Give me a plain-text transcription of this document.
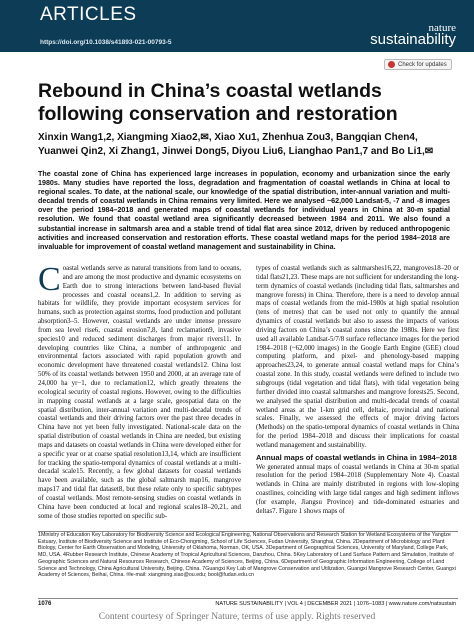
ARTICLES
https://doi.org/10.1038/s41893-021-00793-5
nature
sustainability
Check for updates
Rebound in China’s coastal wetlands following conservation and restoration
Xinxin Wang1,2, Xiangming Xiao2,✉, Xiao Xu1, Zhenhua Zou3, Bangqian Chen4, Yuanwei Qin2, Xi Zhang1, Jinwei Dong5, Diyou Liu6, Lianghao Pan1,7 and Bo Li1,✉
The coastal zone of China has experienced large increases in population, economy and urbanization since the early 1980s. Many studies have reported the loss, degradation and fragmentation of coastal wetlands in China at local to regional scales. To date, at the national scale, our knowledge of the spatial distribution, inter-annual variation and multi-decadal trends of coastal wetlands in China remains very limited. Here we analysed ~62,000 Landsat-5, -7 and -8 images over the period 1984–2018 and generated maps of coastal wetlands for individual years in China at 30-m spatial resolution. We found that coastal wetland area significantly decreased between 1984 and 2011. We also found a substantial increase in saltmarsh area and a stable trend of tidal flat area since 2012, driven by reduced anthropogenic activities and increased conservation and restoration efforts. These coastal wetland maps for the period 1984–2018 are invaluable for improvement of coastal wetland management and sustainability in China.
C oastal wetlands serve as natural transitions from land to oceans, and are among the most productive and dynamic ecosystems on Earth due to strong interactions between land-based fluvial processes and coastal oceans1,2. In addition to serving as habitats for wildlife, they provide important ecosystem services for humans, such as protection against storms, food production and pollutant absorption3–5. However, coastal wetlands are under intense pressure from sea level rise6, coastal erosion7,8, land reclamation9, invasive species10 and reduced sediment discharges from major rivers11. In developing countries like China, a number of anthropogenic and environmental factors associated with rapid population growth and economic development have threatened coastal wetlands12. China lost 50% of its coastal wetlands between 1950 and 2000, at an average rate of 24,000 ha yr−1, due to reclamation12, which greatly threatens the ecological security of coastal regions. However, owing to the difficulties in mapping coastal wetlands at a large scale, geospatial data on the spatial distribution, inter-annual variation and multi-decadal trends of coastal wetlands and their driving factors over the past three decades in China have not yet been fully investigated. National-scale data on the spatial distribution of coastal wetlands in China are needed, but existing maps and datasets on coastal wetlands in China were developed either for a specific year or at coarse spatial resolution13,14, which are insufficient for tracking the spatio-temporal dynamics of coastal wetlands at a multi-decadal scale15. Recently, a few global datasets for coastal wetlands have been available, such as the global saltmarsh map16, mangrove maps17 and tidal flat dataset8, but these relate only to specific subtypes of coastal wetlands. Most remote-sensing studies on coastal wetlands in China have been conducted at local and regional scales18–20,21, and some of those studies reported on specific sub-
types of coastal wetlands such as saltmarshes16,22, mangroves18–20 or tidal flats21,23. These maps are not sufficient for understanding the long-term dynamics of coastal wetlands (including tidal flats, saltmarshes and mangrove forests) in China. Therefore, there is a need to develop annual maps of coastal wetlands from the mid-1980s at high spatial resolution (tens of metres) that can be used not only to quantify the annual dynamics of coastal wetlands but also to assess the impacts of various driving factors on China’s coastal zones since the 1980s. Here we first used all available Landsat-5/7/8 surface reflectance images for the period 1984–2018 (~62,000 images) in the Google Earth Engine (GEE) cloud computing platform, and pixel- and phenology-based mapping approaches23,24, to generate annual coastal wetland maps for China’s coastal zone. In this study, coastal wetlands were defined to include two subgroups (tidal vegetation and tidal flats), with tidal vegetation being further divided into coastal saltmarshes and mangrove forests25. Second, we analysed the spatial distribution and multi-decadal trends of coastal wetland areas at the 1-km grid cell, deltaic, provincial and national scales. Finally, we assessed the effects of major driving factors (Methods) on the spatio-temporal dynamics of coastal wetlands in China for the period 1984–2018 and discuss their implications for coastal wetland management and sustainability.
Annual maps of coastal wetlands in China in 1984–2018
We generated annual maps of coastal wetlands in China at 30-m spatial resolution for the period 1984–2018 (Supplementary Note 4). Coastal wetlands in China are mainly distributed in regions with low-sloping coastlines, coinciding with large tidal ranges and high sediment inflows (for example, Jiangsu Province) and tide-dominated estuaries and deltas7. Figure 1 shows maps of
1Ministry of Education Key Laboratory for Biodiversity Science and Ecological Engineering, National Observations and Research Station for Wetland Ecosystems of the Yangtze Estuary, Institute of Biodiversity Science and Institute of Eco-Chongming, School of Life Sciences, Fudan University, Shanghai, China. 2Department of Microbiology and Plant Biology, Center for Earth Observation and Modeling, University of Oklahoma, Norman, OK, USA. 3Department of Geographical Sciences, University of Maryland, College Park, MD, USA. 4Rubber Research Institute, Chinese Academy of Tropical Agricultural Sciences, Danzhou, China. 5Key Laboratory of Land Surface Pattern and Simulation, Institute of Geographic Sciences and Natural Resources Research, Chinese Academy of Sciences, Beijing, China. 6Department of Geographic Information Engineering, College of Land Science and Technology, China Agricultural University, Beijing, China. 7Guangxi Key Lab of Mangrove Conservation and Utilization, Guangxi Mangrove Research Center, Guangxi Academy of Sciences, Beihai, China. ✉e-mail: xiangming.xiao@ou.edu; bool@fudan.edu.cn
1076	NATURE SUSTAINABILITY | VOL 4 | DECEMBER 2021 | 1076–1083 | www.nature.com/natsustain
Content courtesy of Springer Nature, terms of use apply. Rights reserved
